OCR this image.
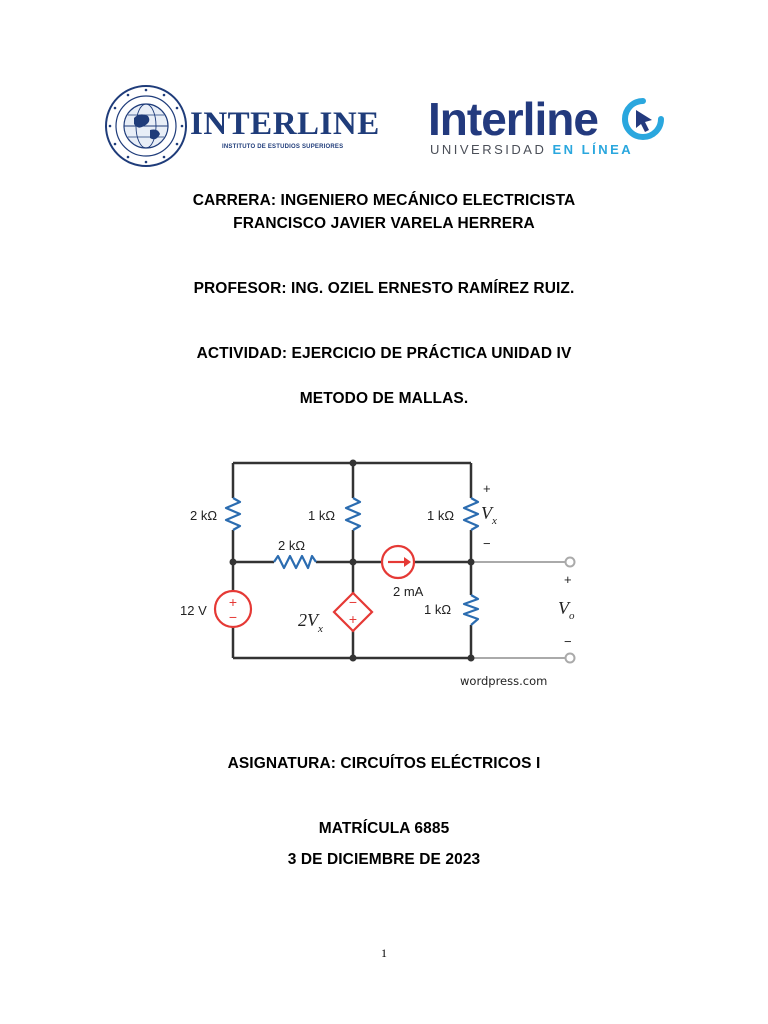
INTERLINE
INSTITUTO DE ESTUDIOS SUPERIORES
Interline
UNIVERSIDAD EN LÍNEA
CARRERA: INGENIERO MECÁNICO ELECTRICISTA
FRANCISCO JAVIER VARELA HERRERA
PROFESOR: ING. OZIEL ERNESTO RAMÍREZ RUIZ.
ACTIVIDAD: EJERCICIO DE PRÁCTICA UNIDAD IV
METODO DE MALLAS.
+
−
−
+
2 kΩ	1 kΩ	1 kΩ
2 kΩ
12 V
2 mA
1 kΩ
$2V_x$
+
$V_x$
−
+
$V_o$
−
wordpress.com
ASIGNATURA: CIRCUÍTOS ELÉCTRICOS I
MATRÍCULA 6885
3 DE DICIEMBRE DE 2023
1
